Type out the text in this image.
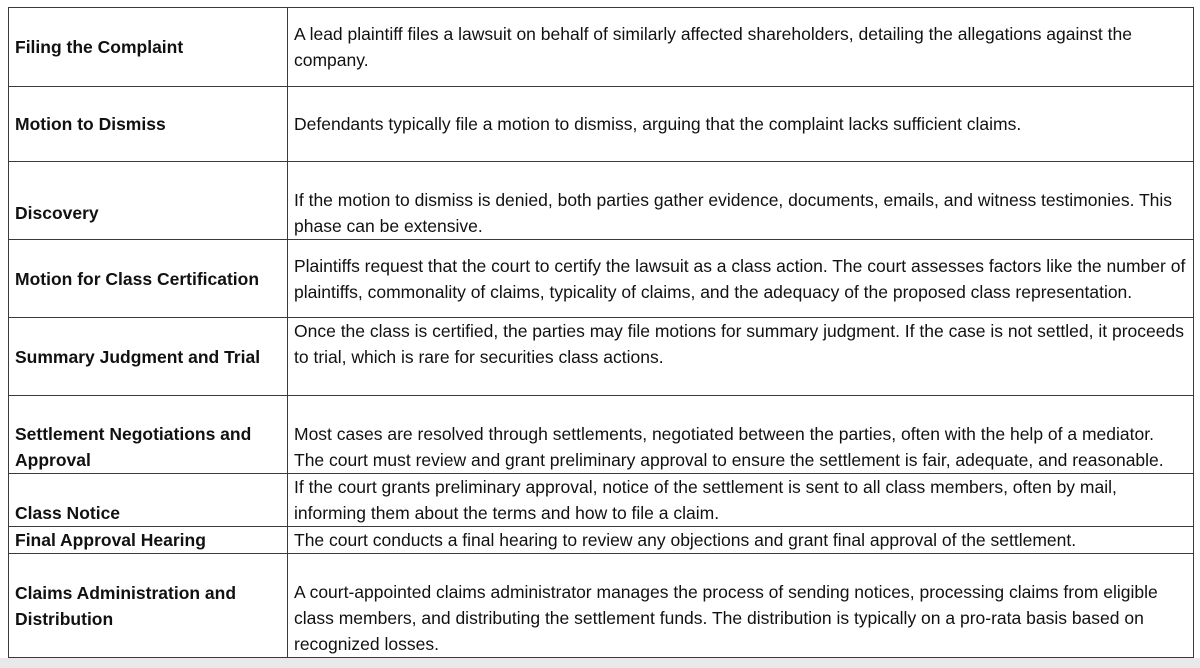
Filing the Complaint	A lead plaintiff files a lawsuit on behalf of similarly affected shareholders, detailing the allegations against the company.
Motion to Dismiss	Defendants typically file a motion to dismiss, arguing that the complaint lacks sufficient claims.
Discovery	If the motion to dismiss is denied, both parties gather evidence, documents, emails, and witness testimonies. This phase can be extensive.
Motion for Class Certification	Plaintiffs request that the court to certify the lawsuit as a class action. The court assesses factors like the number of plaintiffs, commonality of claims, typicality of claims, and the adequacy of the proposed class representation.
Summary Judgment and Trial	Once the class is certified, the parties may file motions for summary judgment. If the case is not settled, it proceeds to trial, which is rare for securities class actions.
Settlement Negotiations and Approval	Most cases are resolved through settlements, negotiated between the parties, often with the help of a mediator. The court must review and grant preliminary approval to ensure the settlement is fair, adequate, and reasonable.
Class Notice	If the court grants preliminary approval, notice of the settlement is sent to all class members, often by mail, informing them about the terms and how to file a claim.
Final Approval Hearing	The court conducts a final hearing to review any objections and grant final approval of the settlement.
Claims Administration and Distribution	A court-appointed claims administrator manages the process of sending notices, processing claims from eligible class members, and distributing the settlement funds. The distribution is typically on a pro-rata basis based on recognized losses.
